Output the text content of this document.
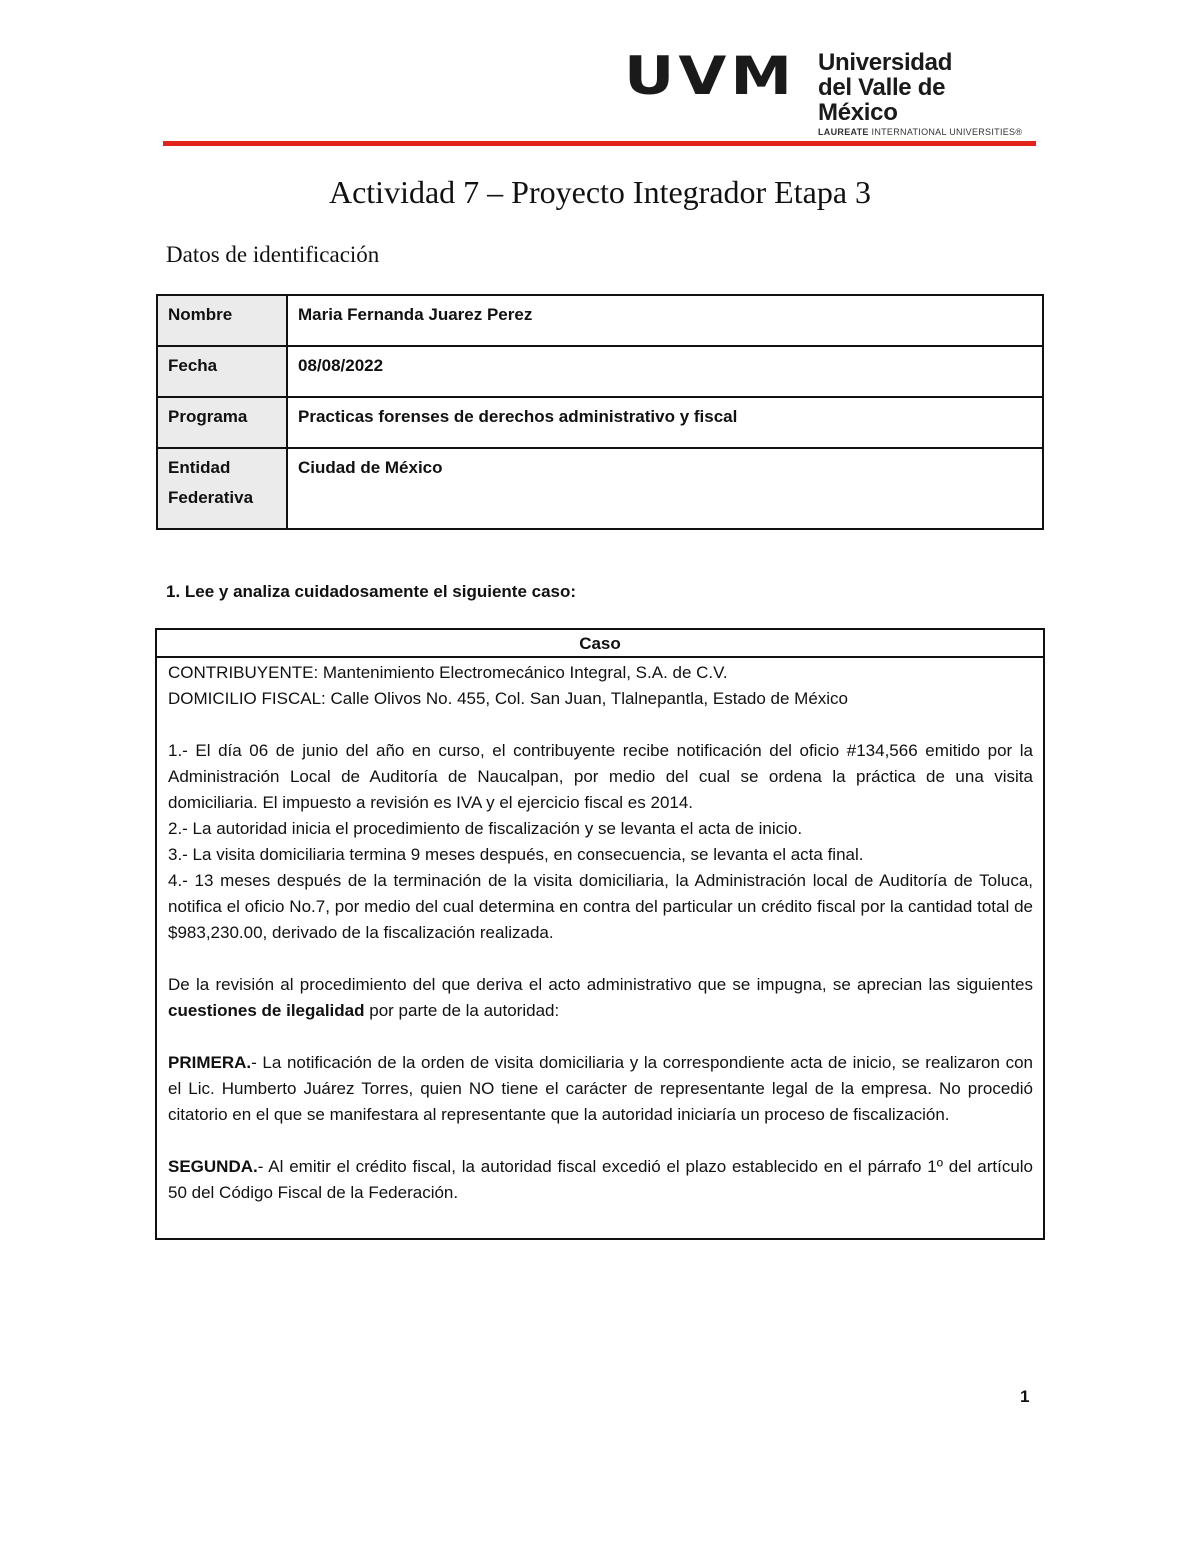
UVM Universidad
del Valle de México
LAUREATE INTERNATIONAL UNIVERSITIES®
Actividad 7 – Proyecto Integrador Etapa 3
Datos de identificación
Nombre	Maria Fernanda Juarez Perez
Fecha	08/08/2022
Programa	Practicas forenses de derechos administrativo y fiscal
Entidad
Federativa	Ciudad de México

1. Lee y analiza cuidadosamente el siguiente caso:

Caso

CONTRIBUYENTE: Mantenimiento Electromecánico Integral, S.A. de C.V.

DOMICILIO FISCAL: Calle Olivos No. 455, Col. San Juan, Tlalnepantla, Estado de México

1.- El día 06 de junio del año en curso, el contribuyente recibe notificación del oficio #134,566 emitido por la Administración Local de Auditoría de Naucalpan, por medio del cual se ordena la práctica de una visita domiciliaria. El impuesto a revisión es IVA y el ejercicio fiscal es 2014.

2.- La autoridad inicia el procedimiento de fiscalización y se levanta el acta de inicio.

3.- La visita domiciliaria termina 9 meses después, en consecuencia, se levanta el acta final.

4.- 13 meses después de la terminación de la visita domiciliaria, la Administración local de Auditoría de Toluca, notifica el oficio No.7, por medio del cual determina en contra del particular un crédito fiscal por la cantidad total de $983,230.00, derivado de la fiscalización realizada.

De la revisión al procedimiento del que deriva el acto administrativo que se impugna, se aprecian las siguientes cuestiones de ilegalidad por parte de la autoridad:

PRIMERA.- La notificación de la orden de visita domiciliaria y la correspondiente acta de inicio, se realizaron con el Lic. Humberto Juárez Torres, quien NO tiene el carácter de representante legal de la empresa. No procedió citatorio en el que se manifestara al representante que la autoridad iniciaría un proceso de fiscalización.

SEGUNDA.- Al emitir el crédito fiscal, la autoridad fiscal excedió el plazo establecido en el párrafo 1º del artículo 50 del Código Fiscal de la Federación.

1
